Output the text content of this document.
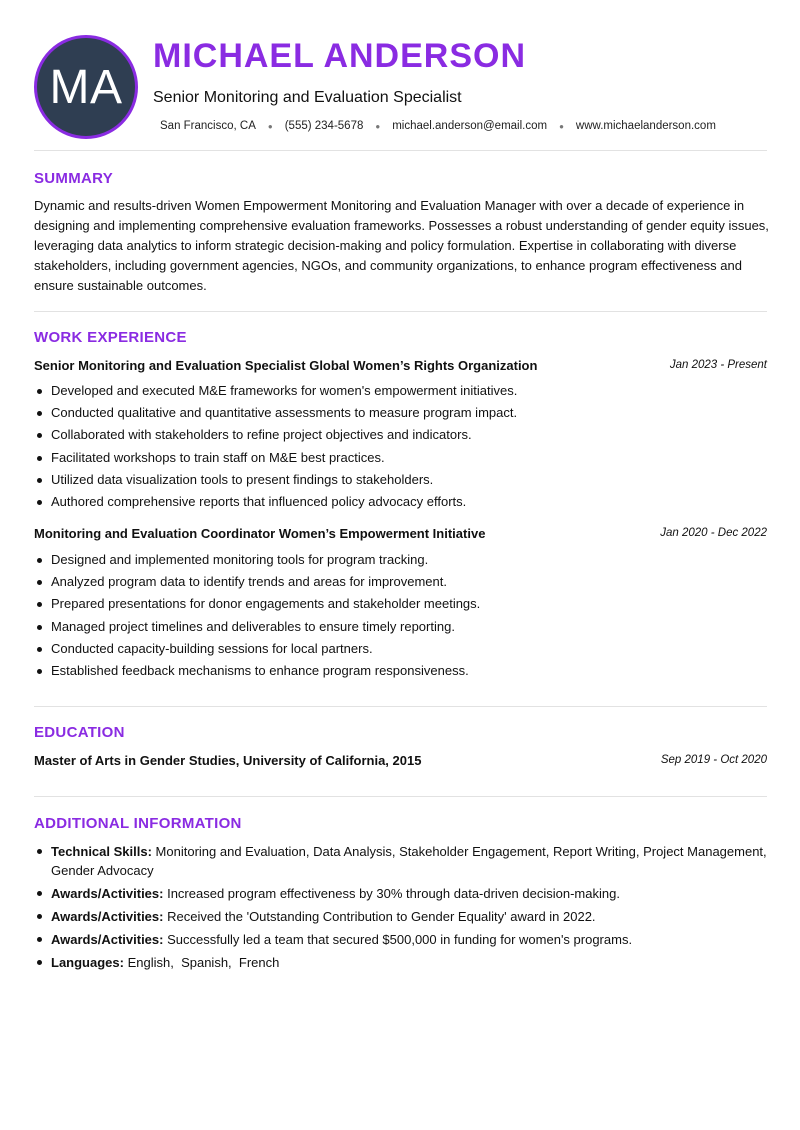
MA
MICHAEL ANDERSON
Senior Monitoring and Evaluation Specialist
San Francisco, CA ● (555) 234-5678 ● michael.anderson@email.com ● www.michaelanderson.com
SUMMARY

Dynamic and results-driven Women Empowerment Monitoring and Evaluation Manager with over a decade of experience in designing and implementing comprehensive evaluation frameworks. Possesses a robust understanding of gender equity issues, leveraging data analytics to inform strategic decision-making and policy formulation. Expertise in collaborating with diverse stakeholders, including government agencies, NGOs, and community organizations, to enhance program effectiveness and ensure sustainable outcomes.

WORK EXPERIENCE
Senior Monitoring and Evaluation Specialist Global Women’s Rights Organization	Jan 2023 - Present
Developed and executed M&E frameworks for women's empowerment initiatives.
Conducted qualitative and quantitative assessments to measure program impact.
Collaborated with stakeholders to refine project objectives and indicators.
Facilitated workshops to train staff on M&E best practices.
Utilized data visualization tools to present findings to stakeholders.
Authored comprehensive reports that influenced policy advocacy efforts.
Monitoring and Evaluation Coordinator Women’s Empowerment Initiative	Jan 2020 - Dec 2022
Designed and implemented monitoring tools for program tracking.
Analyzed program data to identify trends and areas for improvement.
Prepared presentations for donor engagements and stakeholder meetings.
Managed project timelines and deliverables to ensure timely reporting.
Conducted capacity-building sessions for local partners.
Established feedback mechanisms to enhance program responsiveness.
EDUCATION
Master of Arts in Gender Studies, University of California, 2015	Sep 2019 - Oct 2020
ADDITIONAL INFORMATION
Technical Skills: Monitoring and Evaluation, Data Analysis, Stakeholder Engagement, Report Writing, Project Management, Gender Advocacy
Awards/Activities: Increased program effectiveness by 30% through data-driven decision-making.
Awards/Activities: Received the 'Outstanding Contribution to Gender Equality' award in 2022.
Awards/Activities: Successfully led a team that secured $500,000 in funding for women's programs.
Languages: English,  Spanish,  French
